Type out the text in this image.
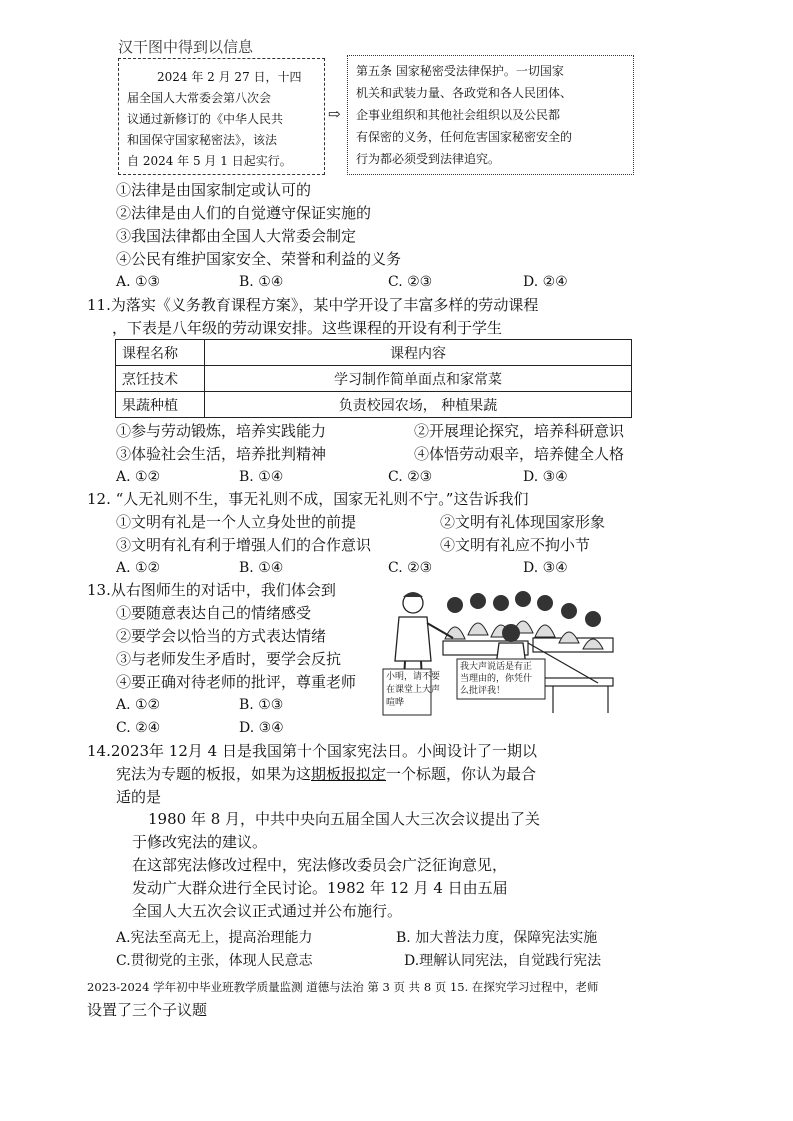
汉干图中得到以信息
2024 年 2 月 27 日，十四
届全国人大常委会第八次会
议通过新修订的《中华人民共
和国保守国家秘密法》，该法
自 2024 年 5 月 1 日起实行。
⇨
第五条 国家秘密受法律保护。一切国家
机关和武装力量、各政党和各人民团体、
企事业组织和其他社会组织以及公民都
有保密的义务，任何危害国家秘密安全的
行为都必须受到法律追究。
①法律是由国家制定或认可的
②法律是由人们的自觉遵守保证实施的
③我国法律都由全国人大常委会制定
④公民有维护国家安全、荣誉和利益的义务
A. ①③	B. ①④	C. ②③	D. ②④
11.为落实《义务教育课程方案》，某中学开设了丰富多样的劳动课程
，下表是八年级的劳动课安排。这些课程的开设有利于学生
课程名称	课程内容
烹饪技术	学习制作简单面点和家常菜
果蔬种植	负责校园农场， 种植果蔬
①参与劳动锻炼，培养实践能力	②开展理论探究，培养科研意识
③体验社会生活，培养批判精神	④体悟劳动艰辛，培养健全人格
A. ①②	B. ①④	C. ②③	D. ③④
12. “人无礼则不生，事无礼则不成，国家无礼则不宁。”这告诉我们
①文明有礼是一个人立身处世的前提	②文明有礼体现国家形象
③文明有礼有利于增强人们的合作意识	④文明有礼应不拘小节
A. ①②	B. ①④	C. ②③	D. ③④
13.从右图师生的对话中，我们体会到
①要随意表达自己的情绪感受
②要学会以恰当的方式表达情绪
③与老师发生矛盾时，要学会反抗
④要正确对待老师的批评，尊重老师
A. ①②	B. ①③
C. ②④	D. ③④
小明，请不要
在课堂上大声
喧哗
我大声说话是有正
当理由的，你凭什
么批评我！
14.2023年 12月 4 日是我国第十个国家宪法日。小闽设计了一期以
宪法为专题的板报，如果为这期板报拟定一个标题，你认为最合
适的是
1980 年 8 月，中共中央向五届全国人大三次会议提出了关
于修改宪法的建议。
在这部宪法修改过程中，宪法修改委员会广泛征询意见，
发动广大群众进行全民讨论。1982 年 12 月 4 日由五届
全国人大五次会议正式通过并公布施行。
A.宪法至高无上，提高治理能力	B. 加大普法力度，保障宪法实施
C.贯彻党的主张，体现人民意志	D.理解认同宪法，自觉践行宪法
2023-2024 学年初中毕业班教学质量监测 道德与法治 第 3 页 共 8 页 15. 在探究学习过程中，老师
设置了三个子议题
